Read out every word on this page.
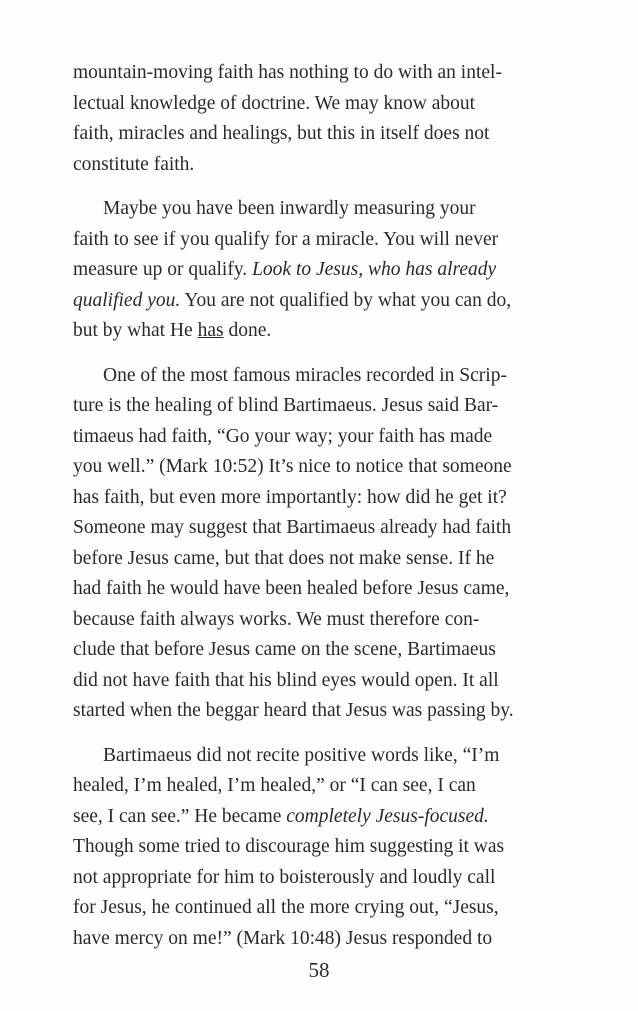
mountain-moving faith has nothing to do with an intel-
lectual knowledge of doctrine. We may know about
faith, miracles and healings, but this in itself does not
constitute faith.
Maybe you have been inwardly measuring your
faith to see if you qualify for a miracle. You will never
measure up or qualify. Look to Jesus, who has already
qualified you. You are not qualified by what you can do,
but by what He has done.
One of the most famous miracles recorded in Scrip-
ture is the healing of blind Bartimaeus. Jesus said Bar-
timaeus had faith, “Go your way; your faith has made
you well.” (Mark 10:52) It’s nice to notice that someone
has faith, but even more importantly: how did he get it?
Someone may suggest that Bartimaeus already had faith
before Jesus came, but that does not make sense. If he
had faith he would have been healed before Jesus came,
because faith always works. We must therefore con-
clude that before Jesus came on the scene, Bartimaeus
did not have faith that his blind eyes would open. It all
started when the beggar heard that Jesus was passing by.
Bartimaeus did not recite positive words like, “I’m
healed, I’m healed, I’m healed,” or “I can see, I can
see, I can see.” He became completely Jesus-focused.
Though some tried to discourage him suggesting it was
not appropriate for him to boisterously and loudly call
for Jesus, he continued all the more crying out, “Jesus,
have mercy on me!” (Mark 10:48) Jesus responded to
58
